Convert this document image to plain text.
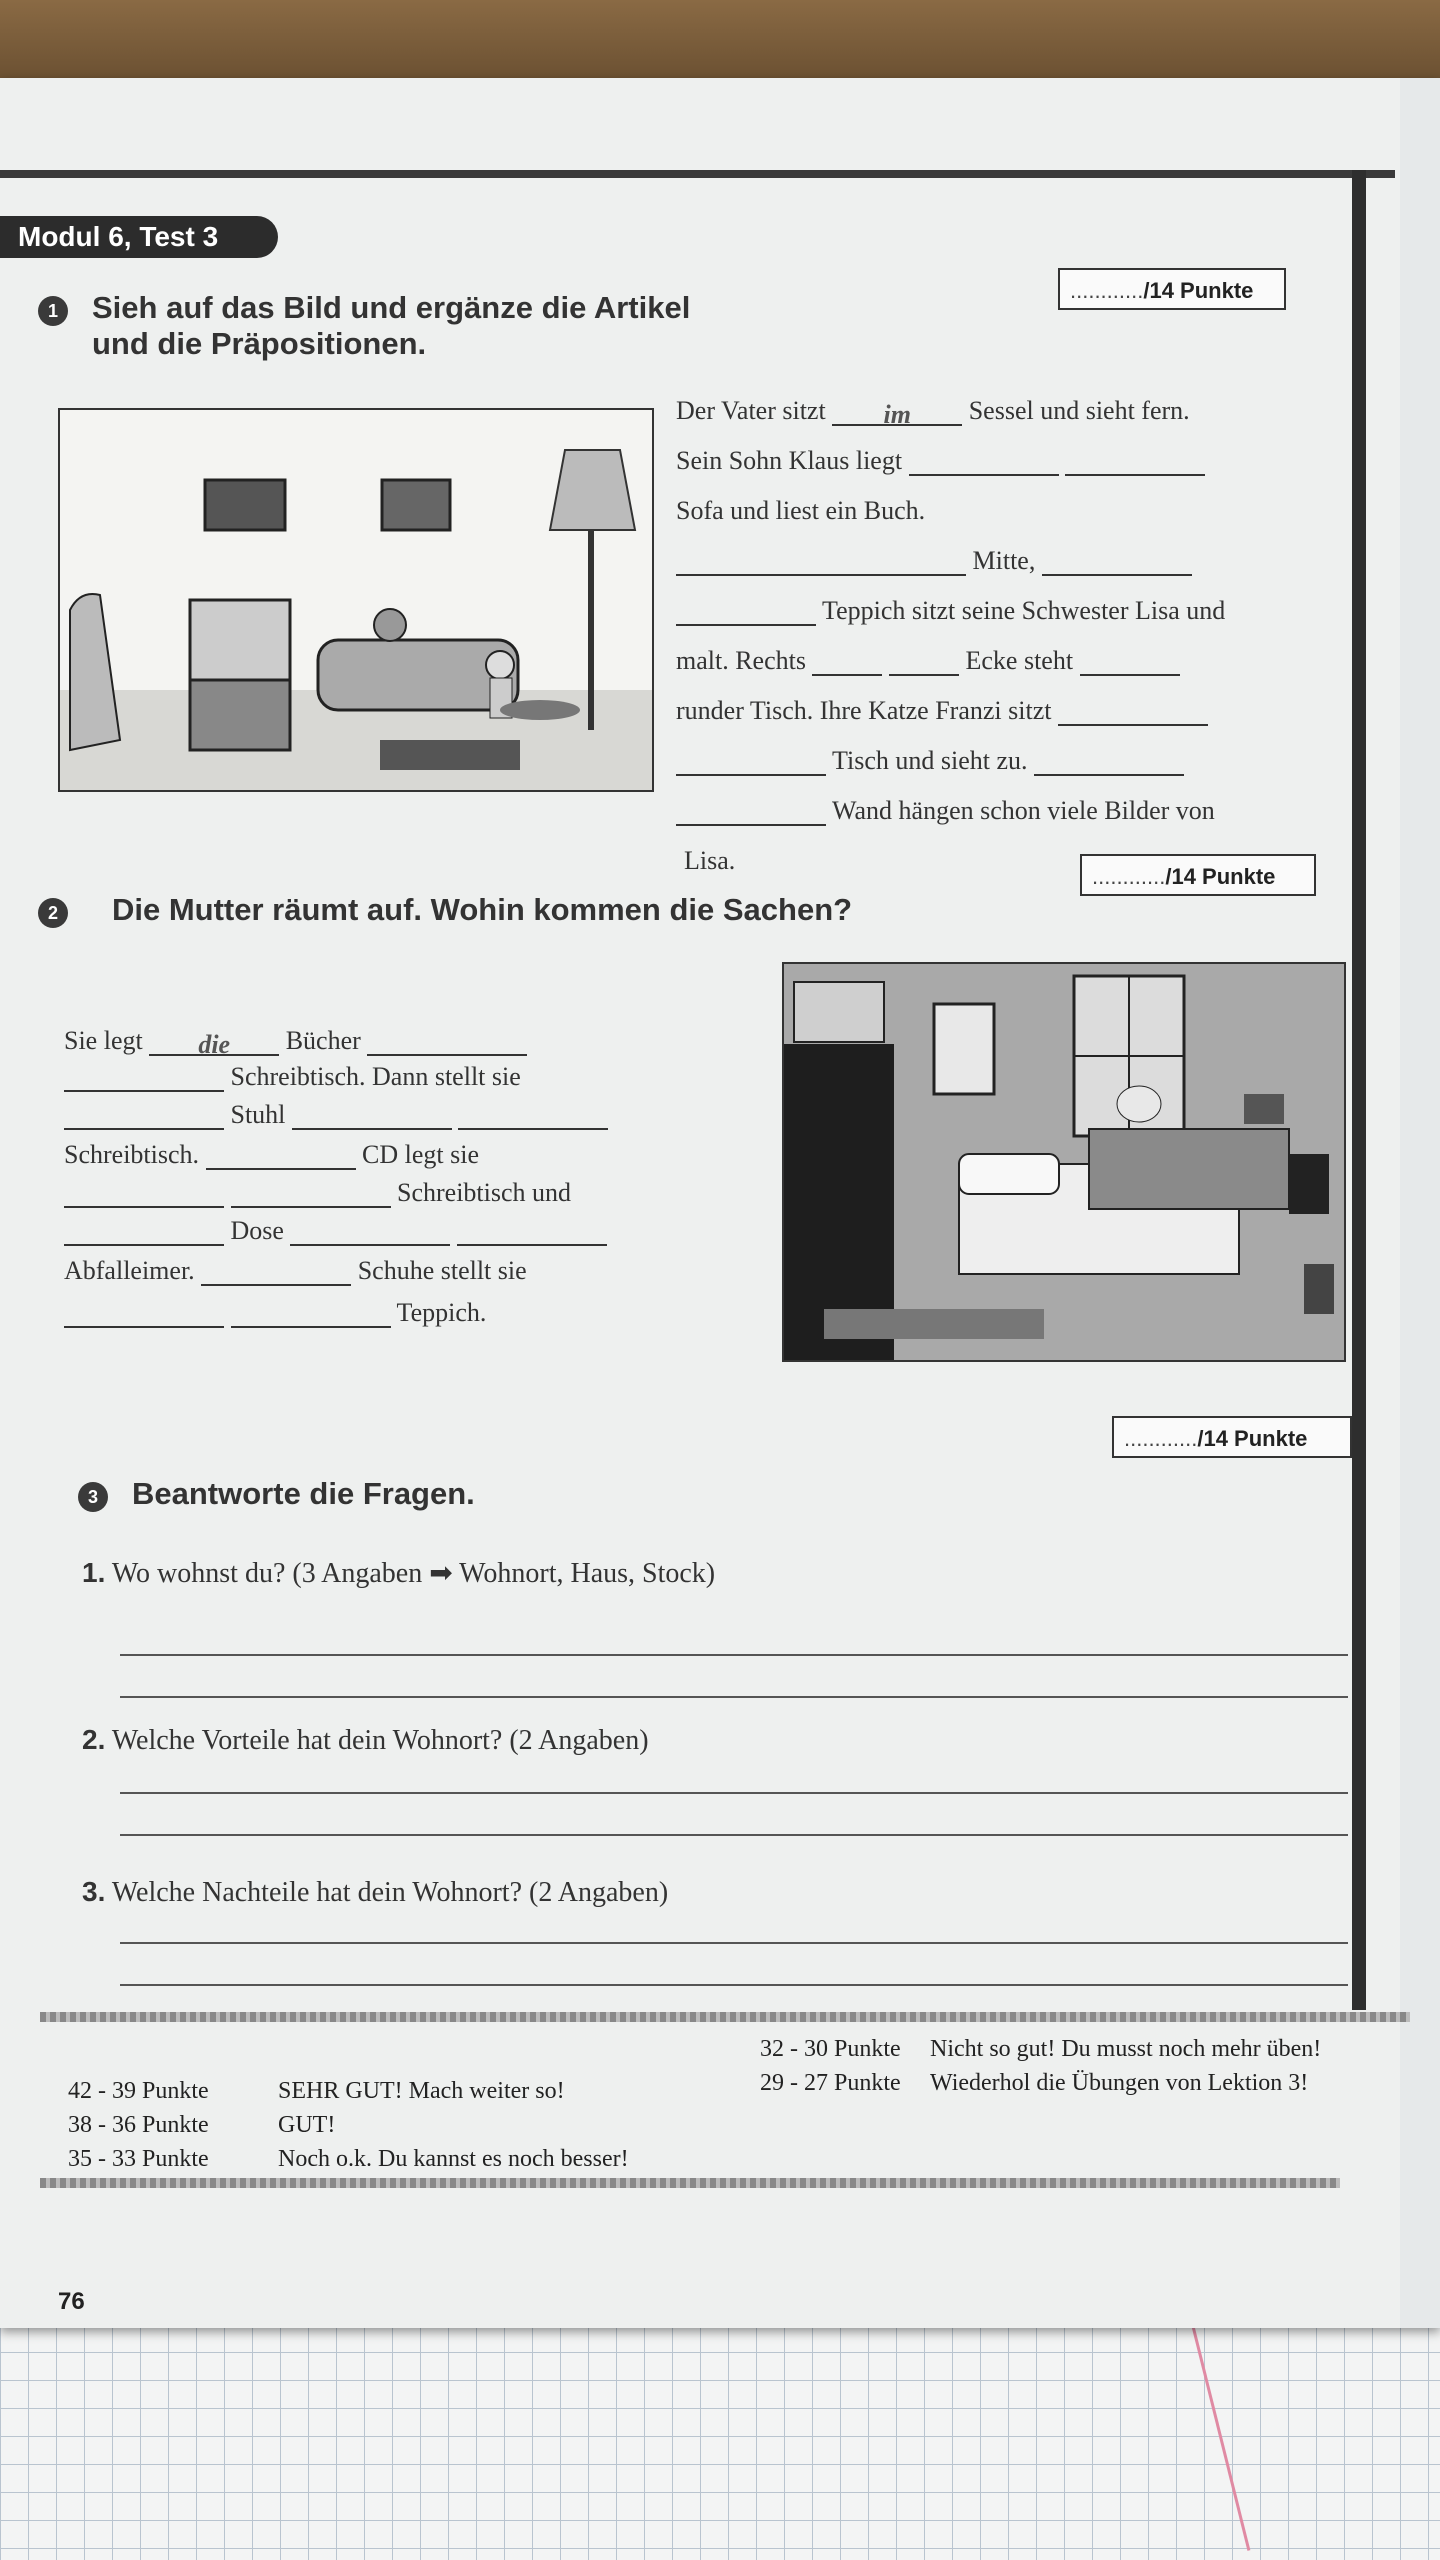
Modul 6, Test 3
1	Sieh auf das Bild und ergänze die Artikel
und die Präpositionen.
............/14 Punkte
Der Vater sitzt im Sessel und sieht fern.
Sein Sohn Klaus liegt
Sofa und liest ein Buch.
Mitte,
Teppich sitzt seine Schwester Lisa und
malt. Rechts	Ecke steht
runder Tisch. Ihre Katze Franzi sitzt
Tisch und sieht zu.
Wand hängen schon viele Bilder von
Lisa.
2	Die Mutter räumt auf. Wohin kommen die Sachen?
............/14 Punkte
Sie legt die Bücher
Schreibtisch. Dann stellt sie
Stuhl
Schreibtisch.	CD legt sie
Schreibtisch und
Dose
Abfalleimer.	Schuhe stellt sie
Teppich.
............/14 Punkte
3	Beantworte die Fragen.
1. Wo wohnst du? (3 Angaben ➡ Wohnort, Haus, Stock)
2. Welche Vorteile hat dein Wohnort? (2 Angaben)
3. Welche Nachteile hat dein Wohnort? (2 Angaben)
42 - 39 Punkte	SEHR GUT! Mach weiter so!
38 - 36 Punkte	GUT!
35 - 33 Punkte	Noch o.k. Du kannst es noch besser!
32 - 30 Punkte Nicht so gut! Du musst noch mehr üben!
29 - 27 Punkte Wiederhol die Übungen von Lektion 3!
76
